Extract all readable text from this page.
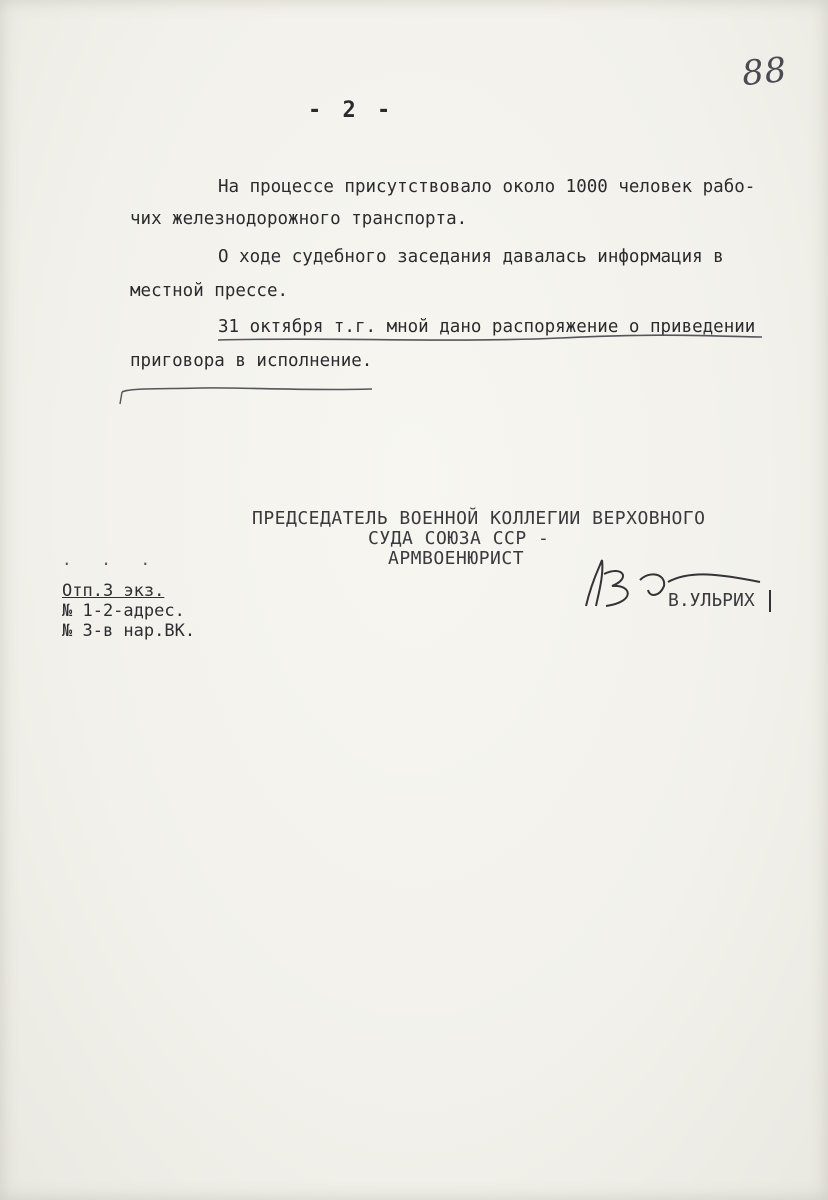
88
- 2 -
На процессе присутствовало около 1000 человек рабо-
чих железнодорожного транспорта.
О ходе судебного заседания давалась информация в
местной прессе.
31 октября т.г. мной дано распоряжение о приведении
приговора в исполнение.
ПРЕДСЕДАТЕЛЬ ВОЕННОЙ КОЛЛЕГИИ ВЕРХОВНОГО
СУДА СОЮЗА ССР -
АРМВОЕНЮРИСТ
В.УЛЬРИХ
. . .
Отп.3 экз.
№ 1-2-адрес.
№ 3-в нар.ВК.
